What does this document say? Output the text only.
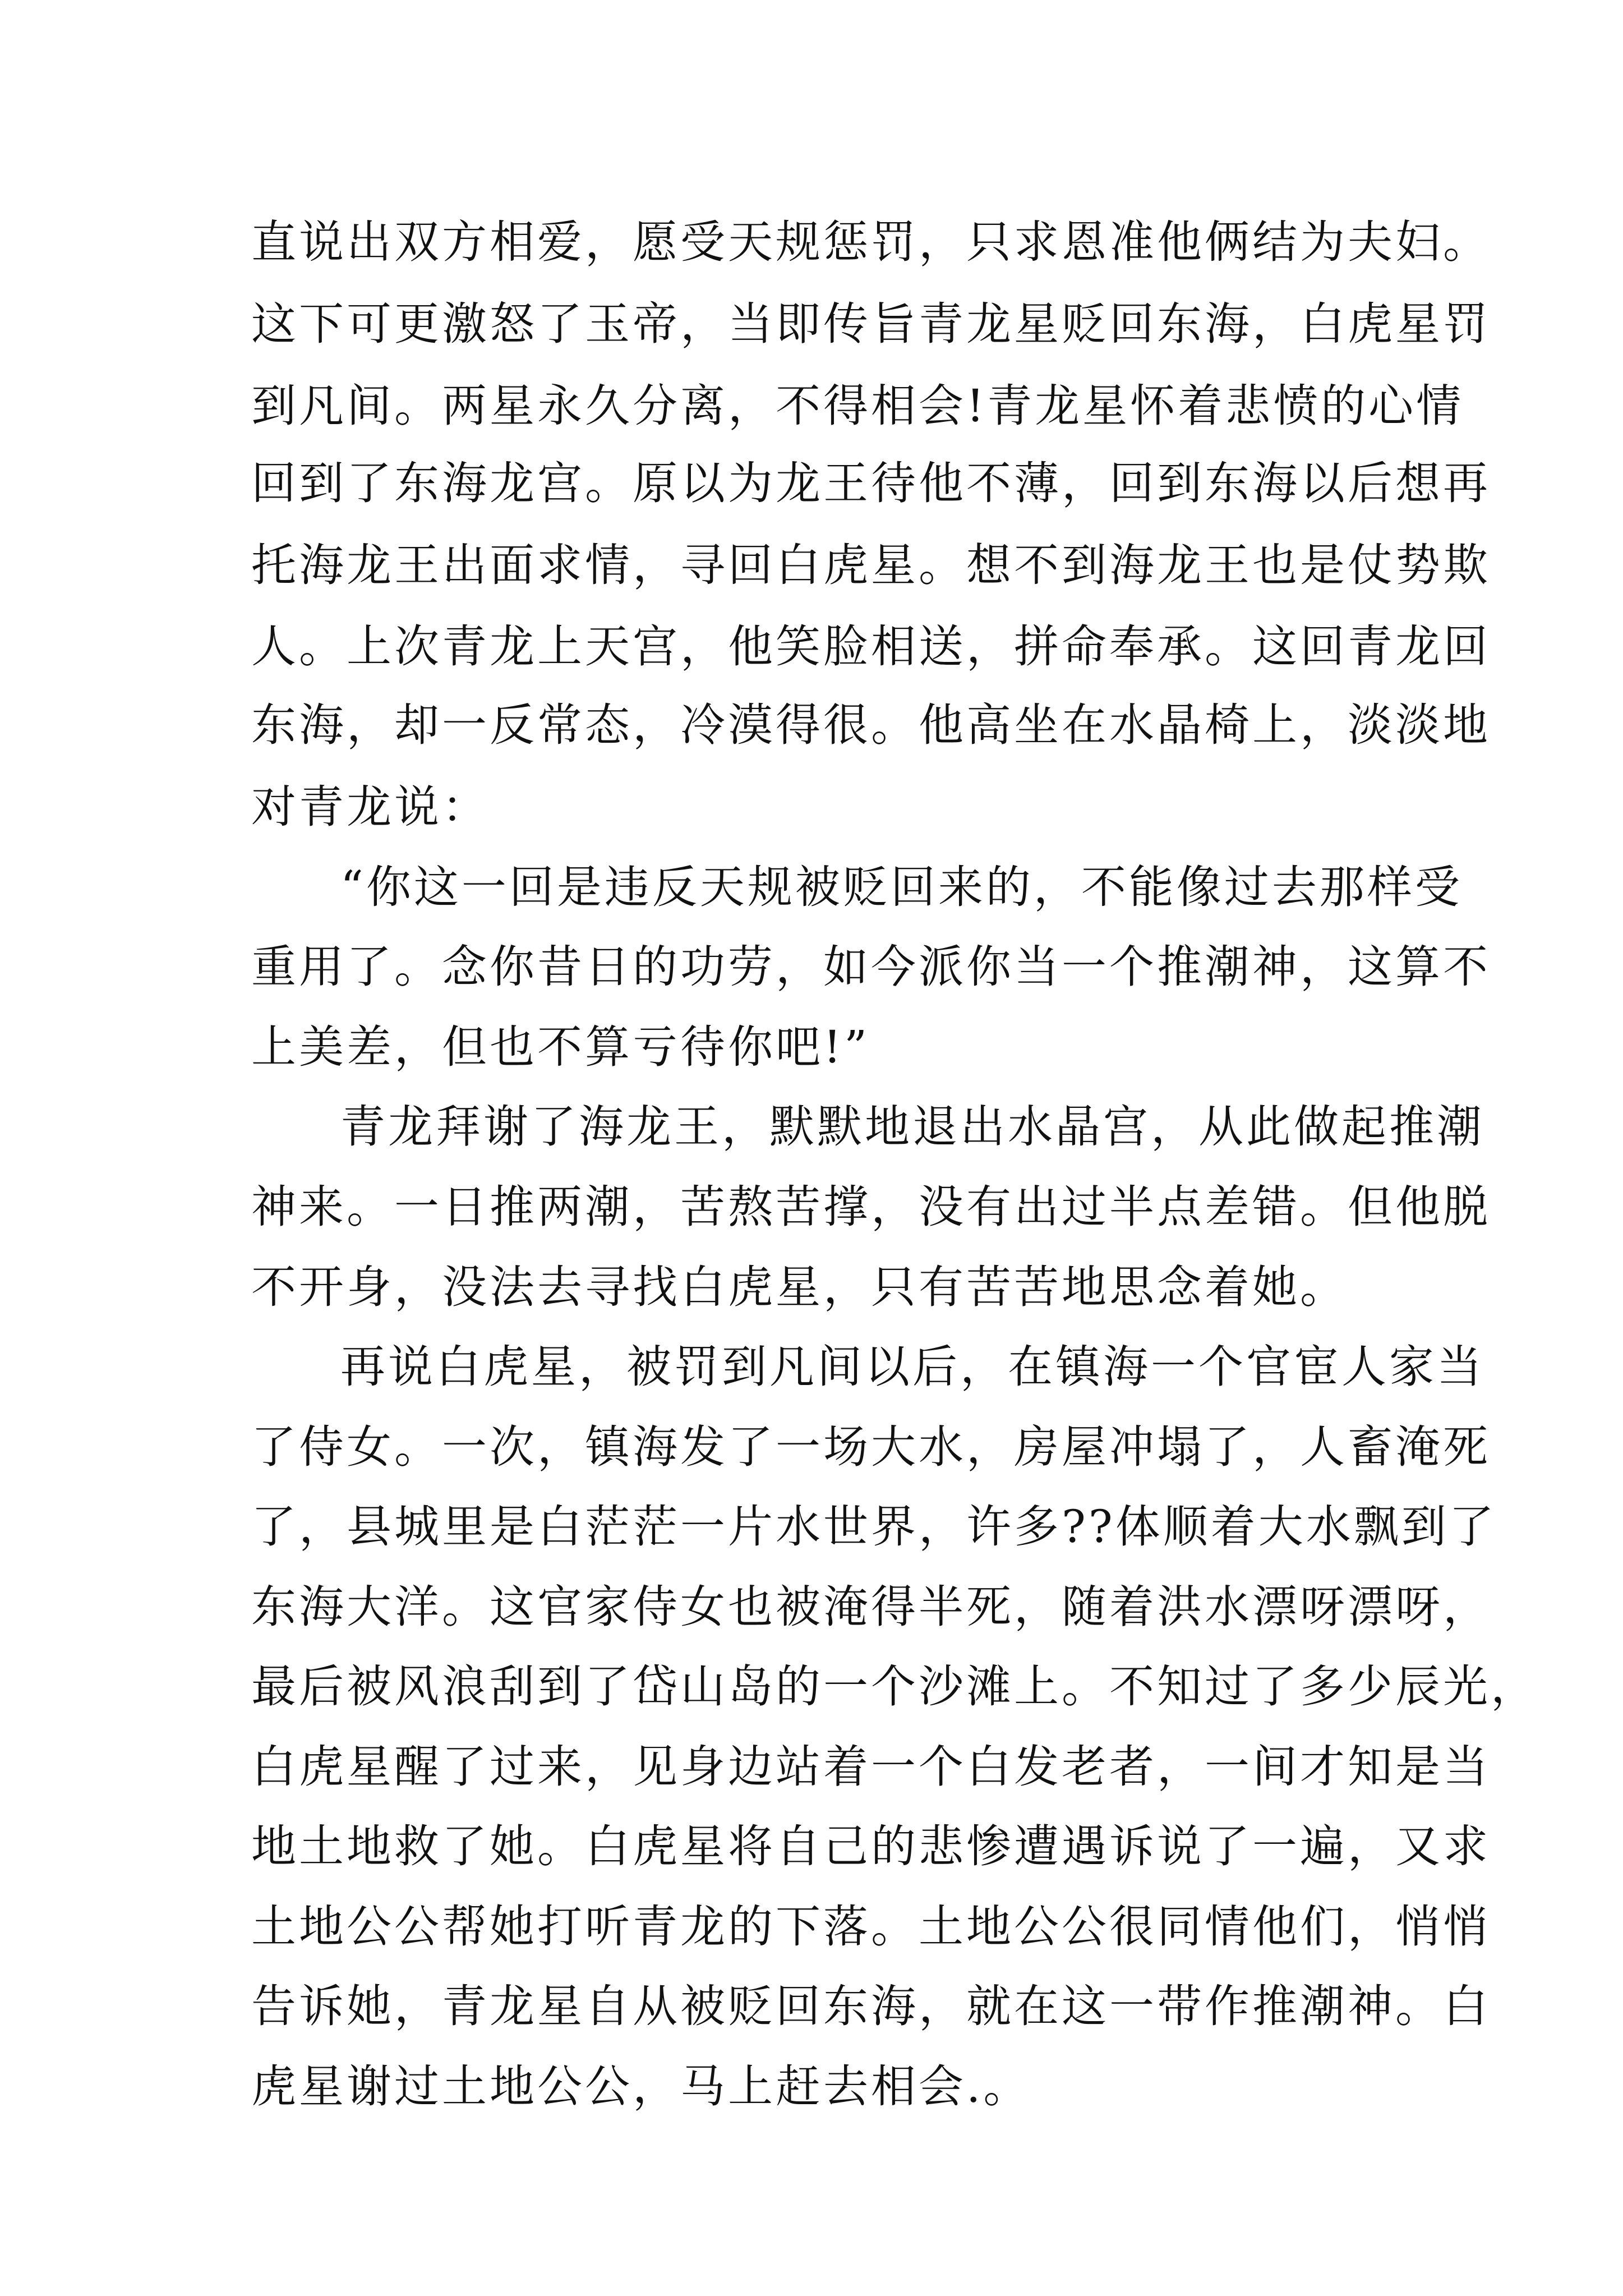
直说出双方相爱，愿受天规惩罚，只求恩准他俩结为夫妇。

这下可更激怒了玉帝，当即传旨青龙星贬回东海，白虎星罚

到凡间。两星永久分离，不得相会!青龙星怀着悲愤的心情

回到了东海龙宫。原以为龙王待他不薄，回到东海以后想再

托海龙王出面求情，寻回白虎星。想不到海龙王也是仗势欺

人。上次青龙上天宫，他笑脸相送，拼命奉承。这回青龙回

东海，却一反常态，冷漠得很。他高坐在水晶椅上，淡淡地

对青龙说：

“你这一回是违反天规被贬回来的，不能像过去那样受

重用了。念你昔日的功劳，如今派你当一个推潮神，这算不

上美差，但也不算亏待你吧!”

青龙拜谢了海龙王，默默地退出水晶宫，从此做起推潮

神来。一日推两潮，苦熬苦撑，没有出过半点差错。但他脱

不开身，没法去寻找白虎星，只有苦苦地思念着她。

再说白虎星，被罚到凡间以后，在镇海一个官宦人家当

了侍女。一次，镇海发了一场大水，房屋冲塌了，人畜淹死

了，县城里是白茫茫一片水世界，许多??体顺着大水飘到了

东海大洋。这官家侍女也被淹得半死，随着洪水漂呀漂呀，

最后被风浪刮到了岱山岛的一个沙滩上。不知过了多少辰光，

白虎星醒了过来，见身边站着一个白发老者，一间才知是当

地土地救了她。白虎星将自己的悲惨遭遇诉说了一遍，又求

土地公公帮她打听青龙的下落。土地公公很同情他们，悄悄

告诉她，青龙星自从被贬回东海，就在这一带作推潮神。白

虎星谢过土地公公，马上赶去相会.。
